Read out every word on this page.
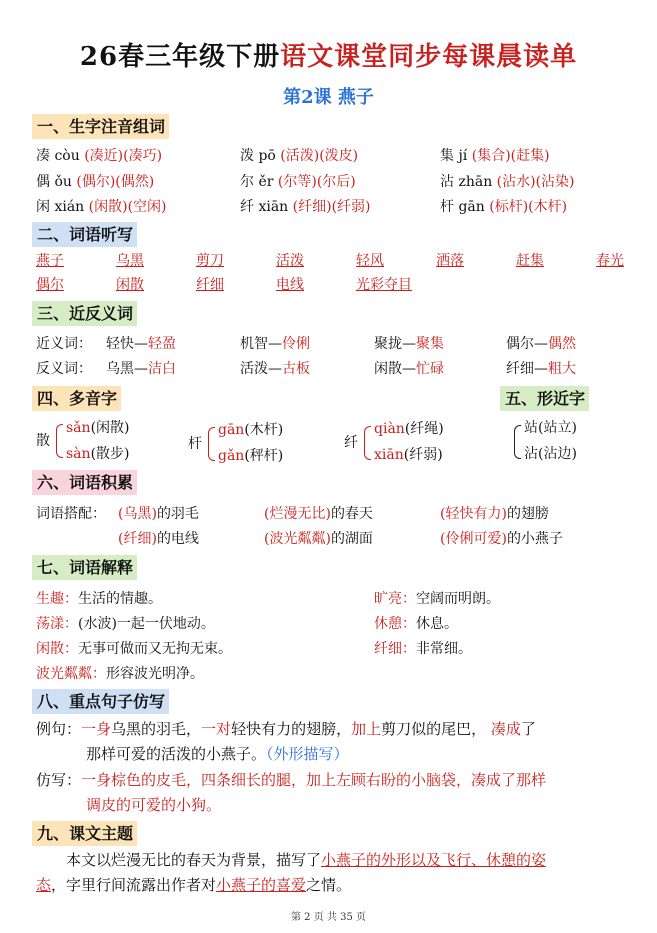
26春三年级下册语文课堂同步每课晨读单
第2课 燕子
一、生字注音组词
凑 còu (凑近)(凑巧)	泼 pō (活泼)(泼皮)	集 jí (集合)(赶集)
偶 ǒu (偶尔)(偶然)	尔 ěr (尔等)(尔后)	沾 zhān (沾水)(沾染)
闲 xián (闲散)(空闲)	纤 xiān (纤细)(纤弱)	杆 gān (标杆)(木杆)
二、词语听写
燕子	乌黑	剪刀	活泼	轻风	洒落	赶集	春光
偶尔	闲散	纤细	电线	光彩夺目
三、近反义词
近义词： 轻快—轻盈	机智—伶俐	聚拢—聚集	偶尔—偶然
反义词： 乌黑—洁白	活泼—古板	闲散—忙碌	纤细—粗大
四、多音字	五、形近字
散
sǎn(闲散)
sàn(散步)
杆
gān(木杆)
gǎn(秤杆)
纤
qiàn(纤绳)
xiān(纤弱)
站(站立)
沾(沾边)
六、词语积累
词语搭配： (乌黑)的羽毛	(烂漫无比)的春天	(轻快有力)的翅膀
(纤细)的电线	(波光粼粼)的湖面	(伶俐可爱)的小燕子
七、词语解释
生趣：生活的情趣。	旷亮：空阔而明朗。
荡漾：(水波)一起一伏地动。	休憩：休息。
闲散：无事可做而又无拘无束。	纤细：非常细。
波光粼粼：形容波光明净。
八、重点句子仿写
例句：一身乌黑的羽毛，一对轻快有力的翅膀，加上剪刀似的尾巴， 凑成了
那样可爱的活泼的小燕子。（外形描写）
仿写：一身棕色的皮毛，四条细长的腿，加上左顾右盼的小脑袋，凑成了那样
调皮的可爱的小狗。
九、课文主题
本文以烂漫无比的春天为背景，描写了小燕子的外形以及飞行、休憩的姿
态，字里行间流露出作者对小燕子的喜爱之情。
第 2 页 共 35 页
